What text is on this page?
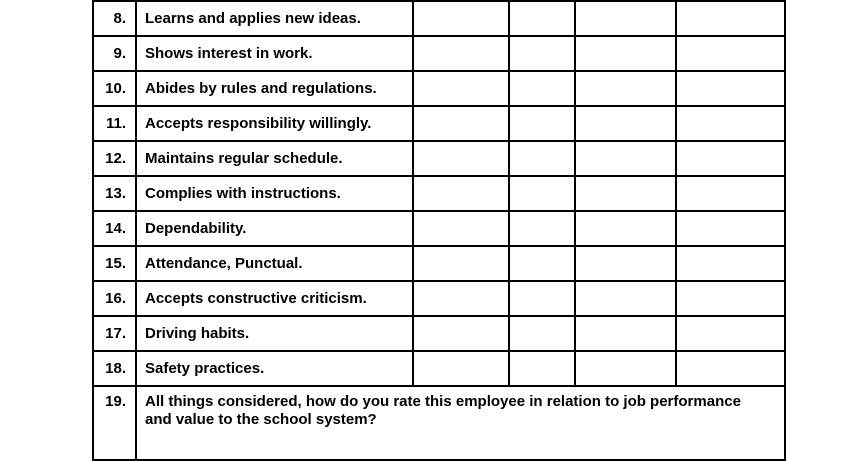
8.	Learns and applies new ideas.				
9.	Shows interest in work.				
10.	Abides by rules and regulations.				
11.	Accepts responsibility willingly.				
12.	Maintains regular schedule.				
13.	Complies with instructions.				
14.	Dependability.				
15.	Attendance, Punctual.				
16.	Accepts constructive criticism.				
17.	Driving habits.				
18.	Safety practices.				
19.	All things considered, how do you rate this employee in relation to job performance and value to the school system?				
